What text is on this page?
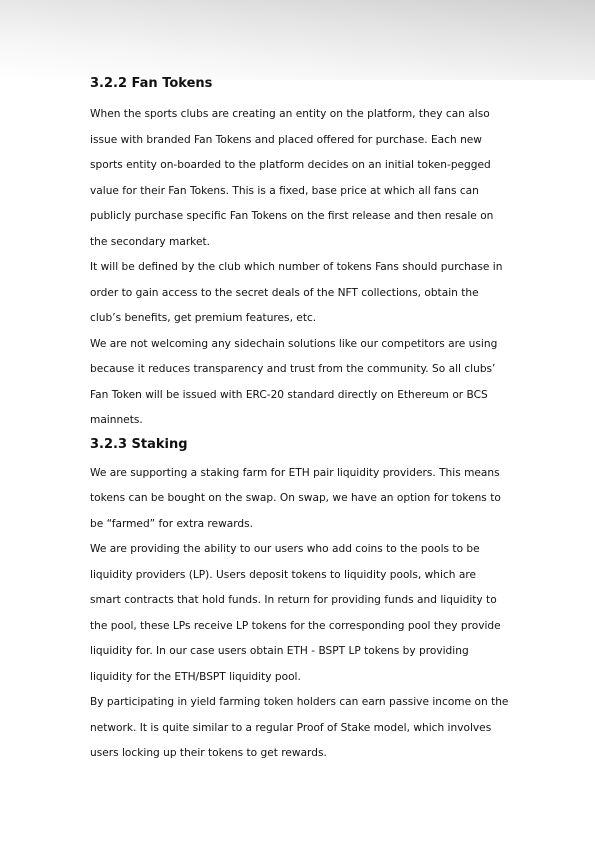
3.2.2 Fan Tokens

When the sports clubs are creating an entity on the platform, they can also issue with branded Fan Tokens and placed offered for purchase. Each new sports entity on-boarded to the platform decides on an initial token-pegged value for their Fan Tokens. This is a fixed, base price at which all fans can publicly purchase specific Fan Tokens on the first release and then resale on the secondary market.

It will be defined by the club which number of tokens Fans should purchase in order to gain access to the secret deals of the NFT collections, obtain the club’s benefits, get premium features, etc.

We are not welcoming any sidechain solutions like our competitors are using because it reduces transparency and trust from the community. So all clubs’ Fan Token will be issued with ERC-20 standard directly on Ethereum or BCS mainnets.

3.2.3 Staking

We are supporting a staking farm for ETH pair liquidity providers. This means tokens can be bought on the swap. On swap, we have an option for tokens to be “farmed” for extra rewards.

We are providing the ability to our users who add coins to the pools to be liquidity providers (LP). Users deposit tokens to liquidity pools, which are smart contracts that hold funds. In return for providing funds and liquidity to the pool, these LPs receive LP tokens for the corresponding pool they provide liquidity for. In our case users obtain ETH - BSPT LP tokens by providing liquidity for the ETH/BSPT liquidity pool.

By participating in yield farming token holders can earn passive income on the network. It is quite similar to a regular Proof of Stake model, which involves users locking up their tokens to get rewards.
